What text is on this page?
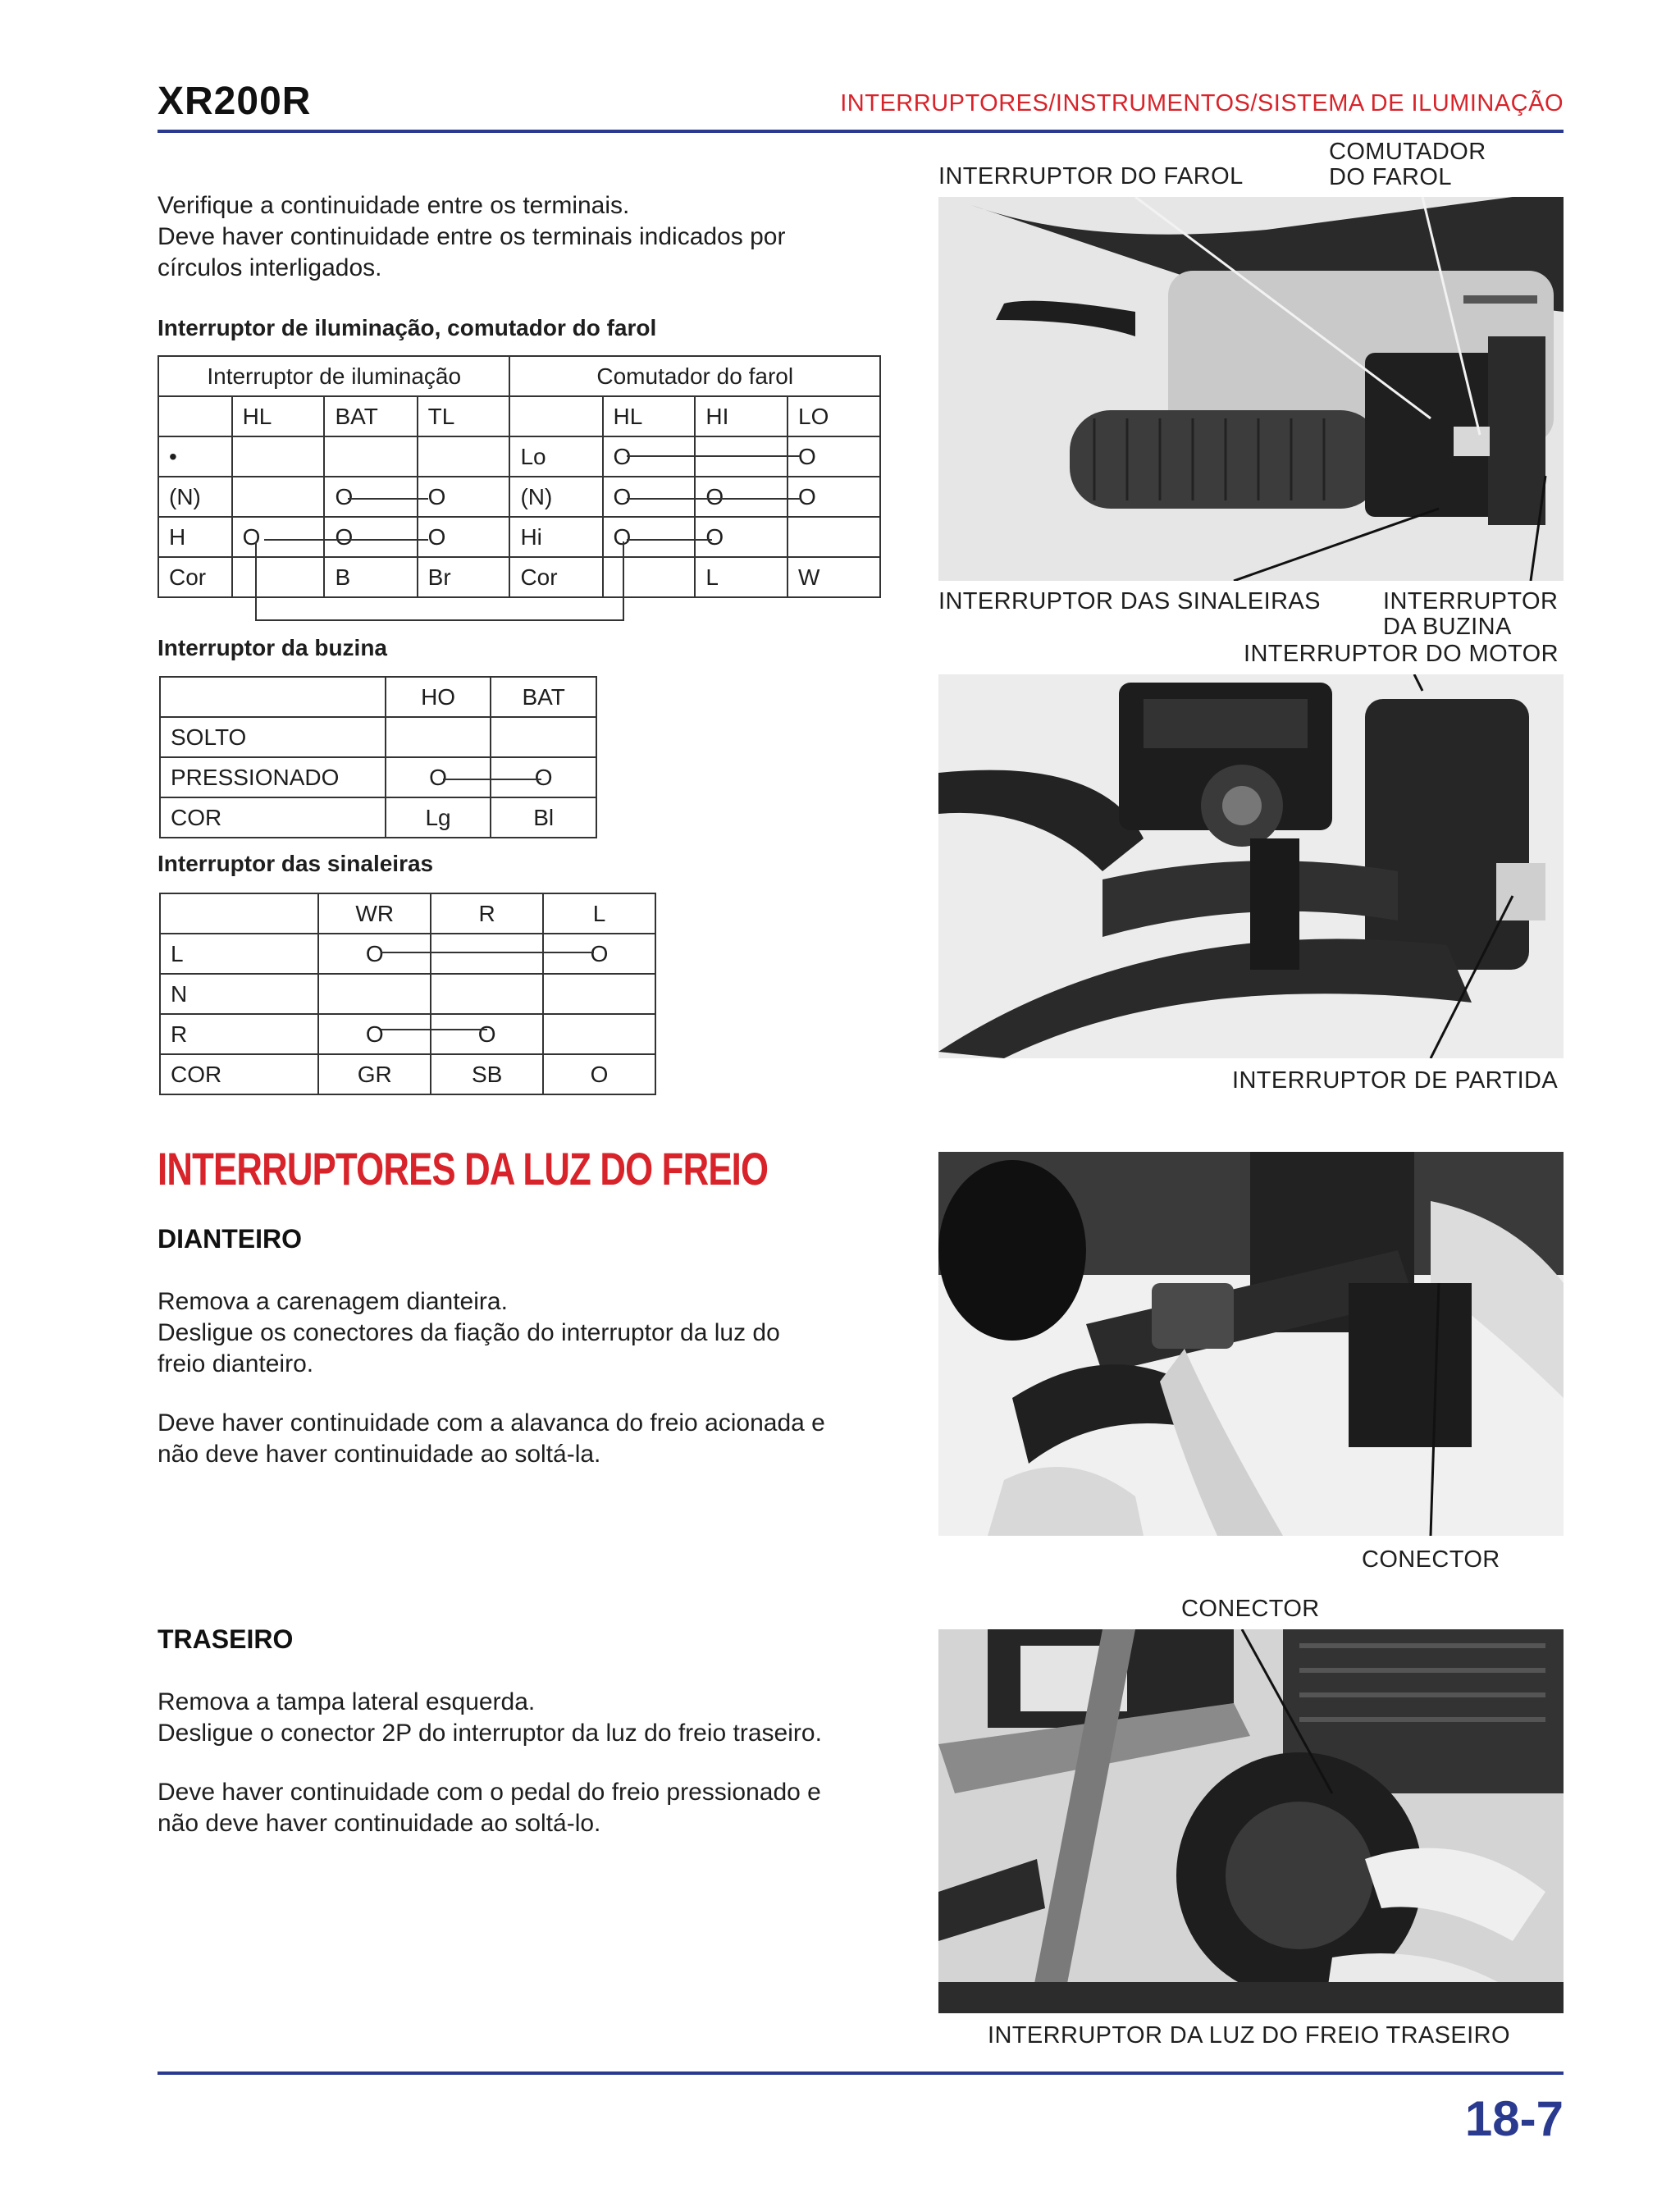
XR200R	INTERRUPTORES/INSTRUMENTOS/SISTEMA DE ILUMINAÇÃO
Verifique a continuidade entre os terminais.
Deve haver continuidade entre os terminais indicados por
círculos interligados.
Interruptor de iluminação, comutador do farol
Interruptor de iluminação				Comutador do farol			
	HL	BAT	TL		HL	HI	LO
•				Lo	O		O
(N)		O	O	(N)	O	O	O
H	O	O	O	Hi	O	O	
Cor		B	Br	Cor		L	W
Interruptor da buzina
	HO	BAT
SOLTO		
PRESSIONADO	O	O
COR	Lg	Bl
Interruptor das sinaleiras
	WR	R	L
L	O		O
N			
R	O	O	
COR	GR	SB	O
INTERRUPTORES DA LUZ DO FREIO
DIANTEIRO
Remova a carenagem dianteira.
Desligue os conectores da fiação do interruptor da luz do
freio dianteiro.
Deve haver continuidade com a alavanca do freio acionada e
não deve haver continuidade ao soltá-la.
TRASEIRO
Remova a tampa lateral esquerda.
Desligue o conector 2P do interruptor da luz do freio traseiro.
Deve haver continuidade com o pedal do freio pressionado e
não deve haver continuidade ao soltá-lo.
INTERRUPTOR DO FAROL
COMUTADOR
DO FAROL
INTERRUPTOR DAS SINALEIRAS	INTERRUPTOR
DA BUZINA
INTERRUPTOR DO MOTOR
INTERRUPTOR DE PARTIDA
CONECTOR
CONECTOR
INTERRUPTOR DA LUZ DO FREIO TRASEIRO
18-7
